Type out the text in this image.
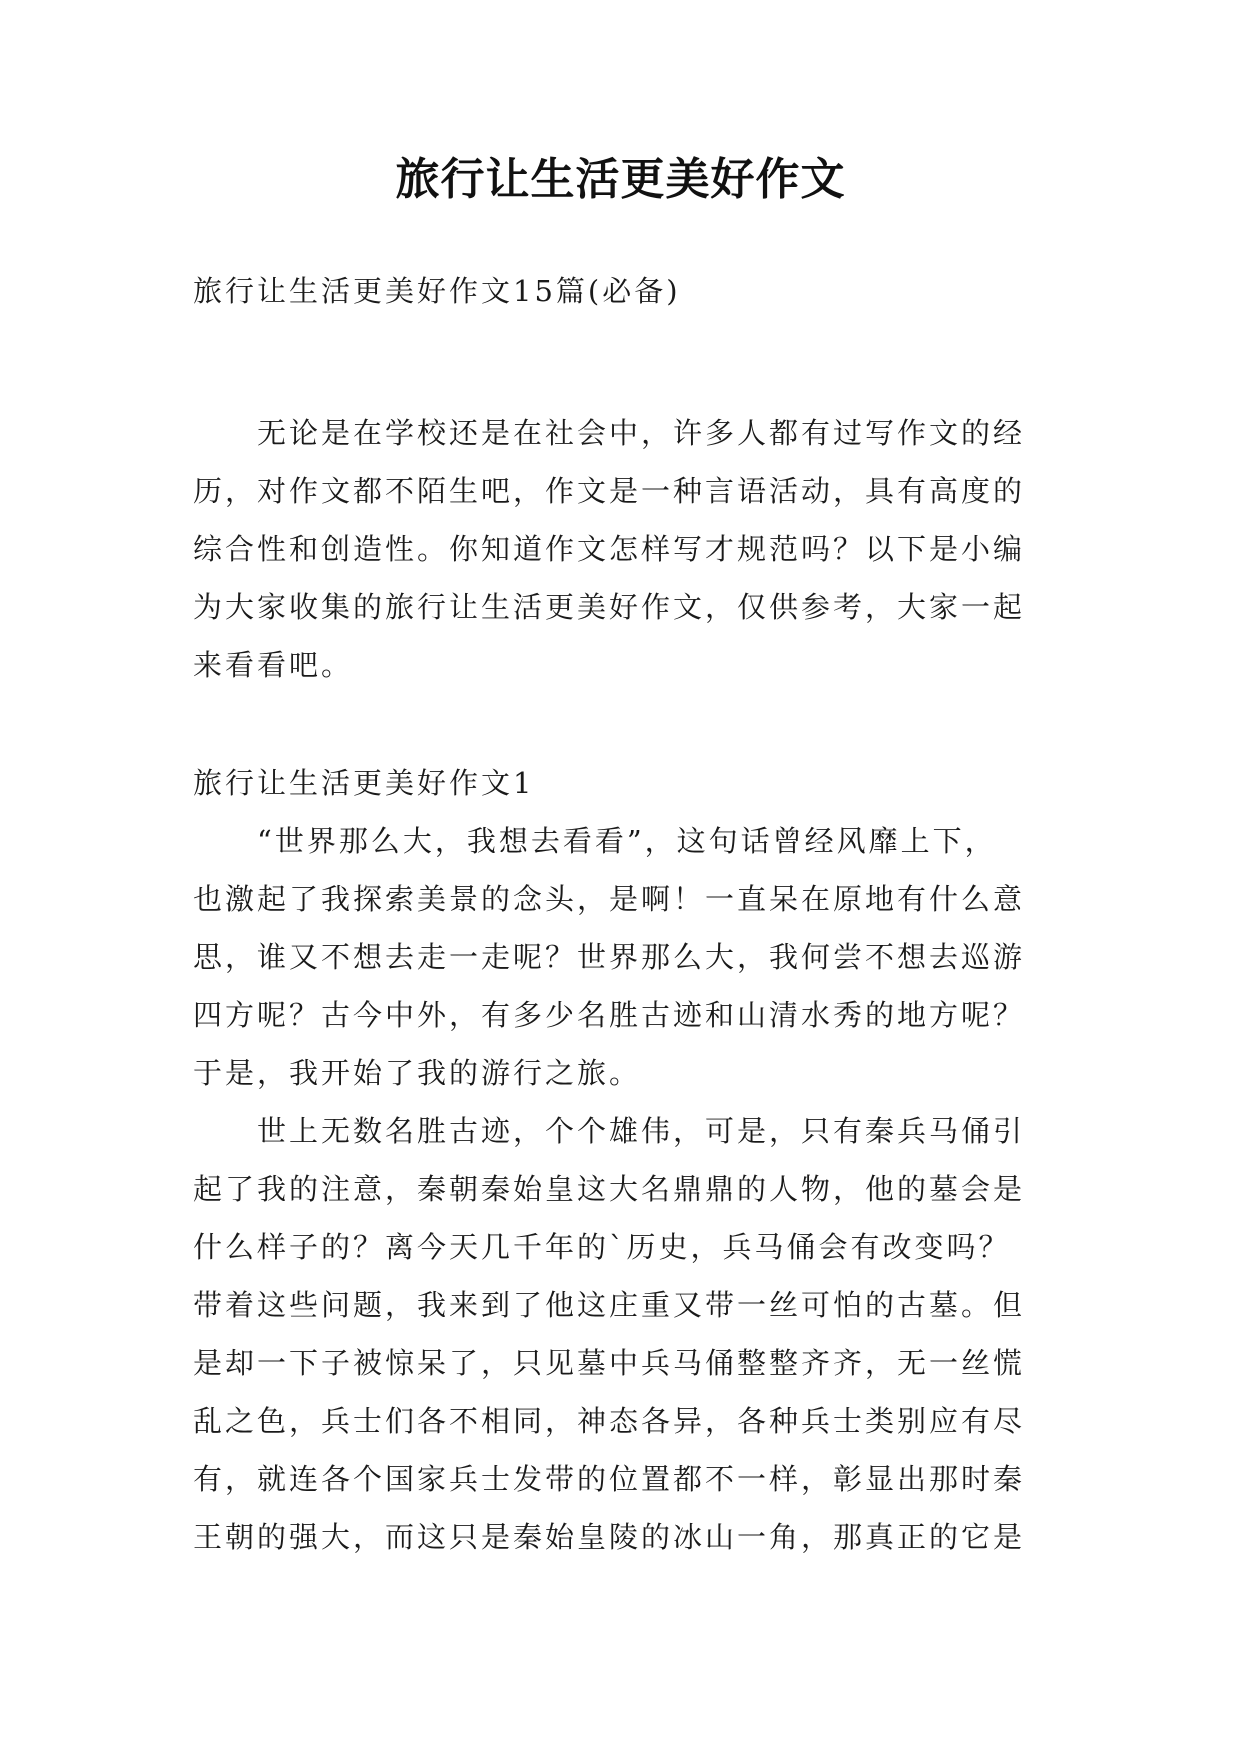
旅行让生活更美好作文
旅行让生活更美好作文15篇(必备)
　　无论是在学校还是在社会中，许多人都有过写作文的经
历，对作文都不陌生吧，作文是一种言语活动，具有高度的
综合性和创造性。你知道作文怎样写才规范吗？以下是小编
为大家收集的旅行让生活更美好作文，仅供参考，大家一起
来看看吧。
旅行让生活更美好作文1
　　“世界那么大，我想去看看”，这句话曾经风靡上下，
也激起了我探索美景的念头，是啊！一直呆在原地有什么意
思，谁又不想去走一走呢？世界那么大，我何尝不想去巡游
四方呢？古今中外，有多少名胜古迹和山清水秀的地方呢？
于是，我开始了我的游行之旅。
　　世上无数名胜古迹，个个雄伟，可是，只有秦兵马俑引
起了我的注意，秦朝秦始皇这大名鼎鼎的人物，他的墓会是
什么样子的？离今天几千年的`历史，兵马俑会有改变吗？
带着这些问题，我来到了他这庄重又带一丝可怕的古墓。但
是却一下子被惊呆了，只见墓中兵马俑整整齐齐，无一丝慌
乱之色，兵士们各不相同，神态各异，各种兵士类别应有尽
有，就连各个国家兵士发带的位置都不一样，彰显出那时秦
王朝的强大，而这只是秦始皇陵的冰山一角，那真正的它是
